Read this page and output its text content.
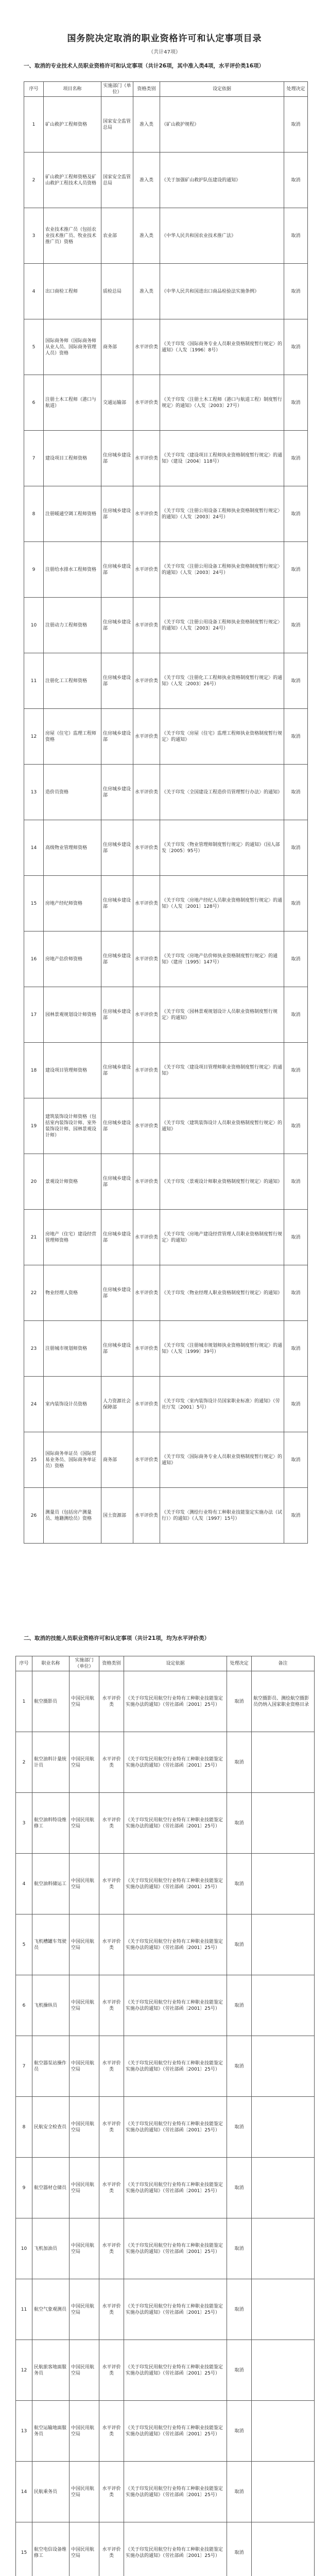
国务院决定取消的职业资格许可和认定事项目录
（共计47项）
一、取消的专业技术人员职业资格许可和认定事项（共计26项，其中准入类4项，水平评价类16项）
序号	项目名称	实施部门（单位）	资格类别	设定依据	处理决定
1	矿山救护工程师资格	国家安全监管总局	准入类	《矿山救护规程》	取消
2	矿山救护工程师资格及矿山救护工程技术人员资格	国家安全监管总局	准入类	《关于加强矿山救护队伍建设的通知》	取消
3	农业技术推广员（包括农业技术推广员、牧业技术推广员）资格	农业部	准入类	《中华人民共和国农业技术推广法》	取消
4	出口商检工程师	质检总局	准入类	《中华人民共和国进出口商品检验法实施条例》	取消
5	国际商务师（国际商务师从业人员、国际商务管理人员）资格	商务部	水平评价类	《关于印发〈国际商务专业人员职业资格制度暂行规定〉的通知》（人发〔1996〕8号）	取消
6	注册土木工程师（港口与航道）	交通运输部	水平评价类	《关于印发〈注册土木工程师（港口与航道工程）制度暂行规定〉的通知》（人发〔2003〕27号）	取消
7	建设项目工程师资格	住房城乡建设部	水平评价类	《关于印发〈建设项目工程师执业资格制度暂行规定〉的通知》（建设〔2004〕118号）	取消
8	注册暖通空调工程师资格	住房城乡建设部	水平评价类	《关于印发〈注册公用设备工程师执业资格制度暂行规定〉的通知》（人发〔2003〕24号）	取消
9	注册给水排水工程师资格	住房城乡建设部	水平评价类	《关于印发〈注册公用设备工程师执业资格制度暂行规定〉的通知》（人发〔2003〕24号）	取消
10	注册动力工程师资格	住房城乡建设部	水平评价类	《关于印发〈注册公用设备工程师执业资格制度暂行规定〉的通知》（人发〔2003〕24号）	取消
11	注册化工工程师资格	住房城乡建设部	水平评价类	《关于印发〈注册化工工程师执业资格制度暂行规定〉的通知》（人发〔2003〕26号）	取消
12	房屋（住宅）监理工程师资格	住房城乡建设部	水平评价类	《关于印发〈房屋（住宅）监理工程师执业资格制度暂行规定〉的通知》	取消
13	造价员资格	住房城乡建设部	水平评价类	《关于印发〈全国建设工程造价员管理暂行办法〉的通知》	取消
14	高级物业管理师资格	住房城乡建设部	水平评价类	《关于印发〈物业管理师制度暂行规定〉的通知》（国人部发〔2005〕95号）	取消
15	房地产经纪师资格	住房城乡建设部	水平评价类	《关于印发〈房地产经纪人员职业资格制度暂行规定〉的通知》（人发〔2001〕128号）	取消
16	房地产估价师资格	住房城乡建设部	水平评价类	《关于印发〈房地产估价师执业资格制度暂行规定〉的通知》（建房〔1995〕147号）	取消
17	园林景观规划设计师资格	住房城乡建设部	水平评价类	《关于印发〈园林景观规划设计人员职业资格制度暂行规定〉的通知》	取消
18	建设项目管理师资格	住房城乡建设部	水平评价类	《关于印发〈建设项目管理师职业资格制度暂行规定〉的通知》	取消
19	建筑装饰设计师资格（包括室内装饰设计师、室外装饰设计师、园林景观设计师）	住房城乡建设部	水平评价类	《关于印发〈建筑装饰设计人员职业资格制度暂行规定〉的通知》	取消
20	景观设计师资格	住房城乡建设部	水平评价类	《关于印发〈景观设计师职业资格制度暂行规定〉的通知》	取消
21	房地产（住宅）建设经营管理师资格	住房城乡建设部	水平评价类	《关于印发〈房地产建设经营管理人员职业资格制度暂行规定〉的通知》	取消
22	物业经理人资格	住房城乡建设部	水平评价类	《关于印发〈物业经理人职业资格制度暂行规定〉的通知》	取消
23	注册城市规划师资格	住房城乡建设部	水平评价类	《关于印发〈注册城市规划师执业资格制度暂行规定〉的通知》（人发〔1999〕39号）	取消
24	室内装饰设计员资格	人力资源社会保障部	水平评价类	《关于印发〈室内装饰设计员国家职业标准〉的通知》（劳社厅发〔2001〕5号）	取消
25	国际商务单证员（国际贸易业务员、国际商务单证员）资格	商务部	水平评价类	《关于印发〈国际商务专业人员职业资格制度暂行规定〉的通知》	取消
26	测量员（包括房产测量员、地籍测绘员）资格	国土资源部	水平评价类	《关于印发〈测绘行业特有工种职业技能鉴定实施办法（试行）〉的通知》（人发〔1997〕15号）	取消
二、取消的技能人员职业资格许可和认定事项（共计21项，均为水平评价类）
序号	职业名称	实施部门（单位）	资格类别	设定依据	处理决定	备注
1	航空摄影员	中国民用航空局	水平评价类	《关于印发民用航空行业特有工种职业技能鉴定实施办法的通知》（劳社部函〔2001〕25号）	取消	航空摄影员、测绘航空摄影员仍纳入国家职业资格目录
2	航空油料计量统计员	中国民用航空局	水平评价类	《关于印发民用航空行业特有工种职业技能鉴定实施办法的通知》（劳社部函〔2001〕25号）	取消	
3	航空油料特设维修工	中国民用航空局	水平评价类	《关于印发民用航空行业特有工种职业技能鉴定实施办法的通知》（劳社部函〔2001〕25号）	取消	
4	航空油料储运工	中国民用航空局	水平评价类	《关于印发民用航空行业特有工种职业技能鉴定实施办法的通知》（劳社部函〔2001〕25号）	取消	
5	飞机槽罐车驾驶员	中国民用航空局	水平评价类	《关于印发民用航空行业特有工种职业技能鉴定实施办法的通知》（劳社部函〔2001〕25号）	取消	
6	飞机操纵员	中国民用航空局	水平评价类	《关于印发民用航空行业特有工种职业技能鉴定实施办法的通知》（劳社部函〔2001〕25号）	取消	
7	航空器泵站操作员	中国民用航空局	水平评价类	《关于印发民用航空行业特有工种职业技能鉴定实施办法的通知》（劳社部函〔2001〕25号）	取消	
8	民航安全检查员	中国民用航空局	水平评价类	《关于印发民用航空行业特有工种职业技能鉴定实施办法的通知》（劳社部函〔2001〕25号）	取消	
9	航空器材仓储员	中国民用航空局	水平评价类	《关于印发民用航空行业特有工种职业技能鉴定实施办法的通知》（劳社部函〔2001〕25号）	取消	
10	飞机加油员	中国民用航空局	水平评价类	《关于印发民用航空行业特有工种职业技能鉴定实施办法的通知》（劳社部函〔2001〕25号）	取消	
11	航空气象观测员	中国民用航空局	水平评价类	《关于印发民用航空行业特有工种职业技能鉴定实施办法的通知》（劳社部函〔2001〕25号）	取消	
12	民航旅客地面服务员	中国民用航空局	水平评价类	《关于印发民用航空行业特有工种职业技能鉴定实施办法的通知》（劳社部函〔2001〕25号）	取消	
13	航空运输地面服务员	中国民用航空局	水平评价类	《关于印发民用航空行业特有工种职业技能鉴定实施办法的通知》（劳社部函〔2001〕25号）	取消	
14	民航乘务员	中国民用航空局	水平评价类	《关于印发民用航空行业特有工种职业技能鉴定实施办法的通知》（劳社部函〔2001〕25号）	取消	
15	航空电信设备维修工	中国民用航空局	水平评价类	《关于印发民用航空行业特有工种职业技能鉴定实施办法的通知》（劳社部函〔2001〕25号）	取消	
